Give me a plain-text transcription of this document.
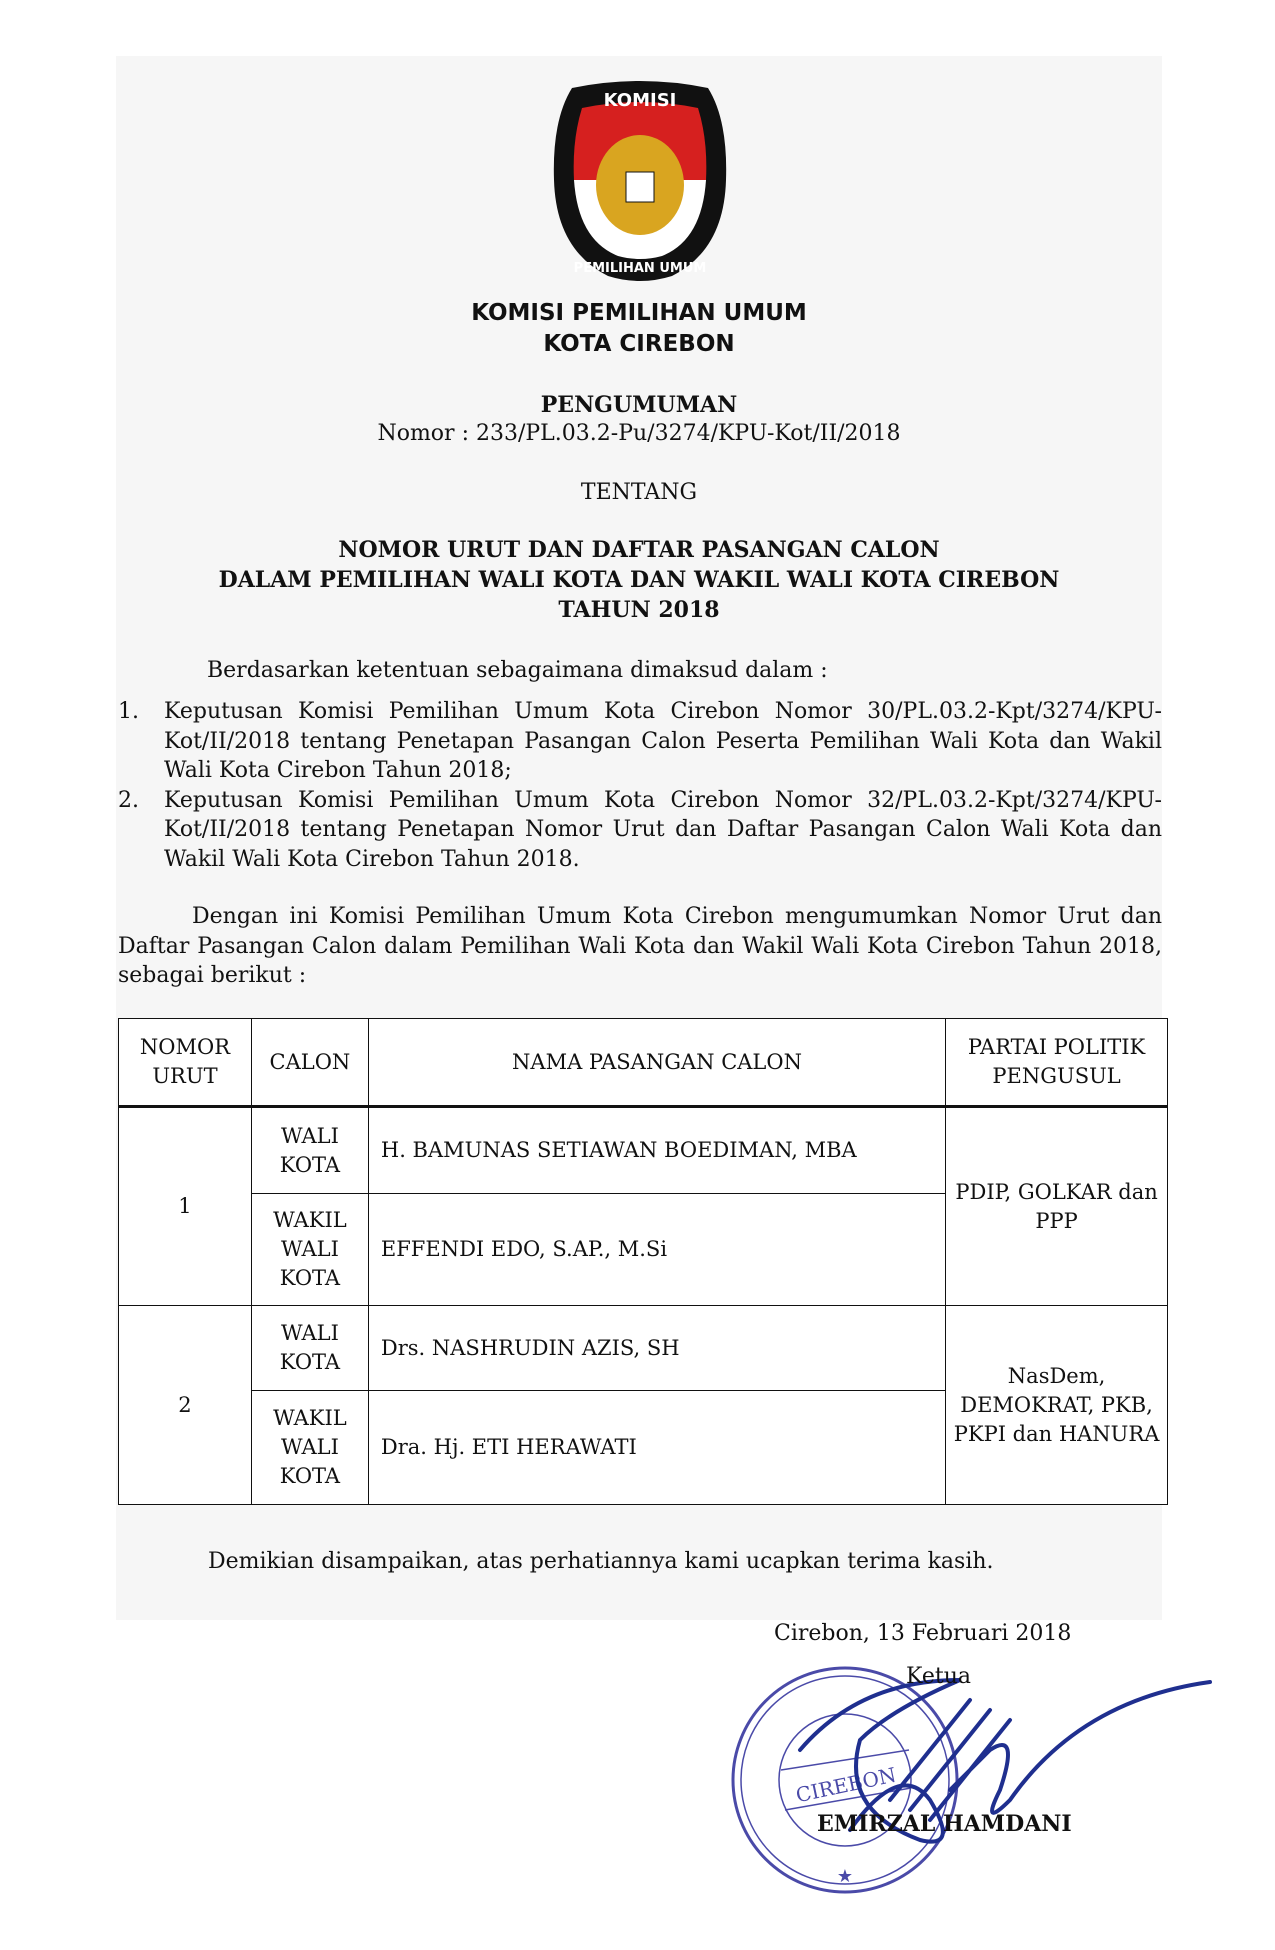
KOMISI
PEMILIHAN UMUM
KOMISI PEMILIHAN UMUM
KOTA CIREBON
PENGUMUMAN
Nomor : 233/PL.03.2-Pu/3274/KPU-Kot/II/2018
TENTANG
NOMOR URUT DAN DAFTAR PASANGAN CALON
DALAM PEMILIHAN WALI KOTA DAN WAKIL WALI KOTA CIREBON
TAHUN 2018
Berdasarkan ketentuan sebagaimana dimaksud dalam :
1. Keputusan Komisi Pemilihan Umum Kota Cirebon Nomor 30/PL.03.2-Kpt/3274/KPU-Kot/II/2018 tentang Penetapan Pasangan Calon Peserta Pemilihan Wali Kota dan Wakil Wali Kota Cirebon Tahun 2018;
2. Keputusan Komisi Pemilihan Umum Kota Cirebon Nomor 32/PL.03.2-Kpt/3274/KPU-Kot/II/2018 tentang Penetapan Nomor Urut dan Daftar Pasangan Calon Wali Kota dan Wakil Wali Kota Cirebon Tahun 2018.
Dengan ini Komisi Pemilihan Umum Kota Cirebon mengumumkan Nomor Urut dan Daftar Pasangan Calon dalam Pemilihan Wali Kota dan Wakil Wali Kota Cirebon Tahun 2018, sebagai berikut :
NOMOR URUT	CALON	NAMA PASANGAN CALON	PARTAI POLITIK PENGUSUL
1	WALI KOTA	H. BAMUNAS SETIAWAN BOEDIMAN, MBA	PDIP, GOLKAR dan PPP
	WAKIL WALI KOTA	EFFENDI EDO, S.AP., M.Si	
2	WALI KOTA	Drs. NASHRUDIN AZIS, SH	NasDem, DEMOKRAT, PKB, PKPI dan HANURA
	WAKIL WALI KOTA	Dra. Hj. ETI HERAWATI	
Demikian disampaikan, atas perhatiannya kami ucapkan terima kasih.
CIREBON
★
Cirebon, 13 Februari 2018
Ketua
EMIRZAL HAMDANI
